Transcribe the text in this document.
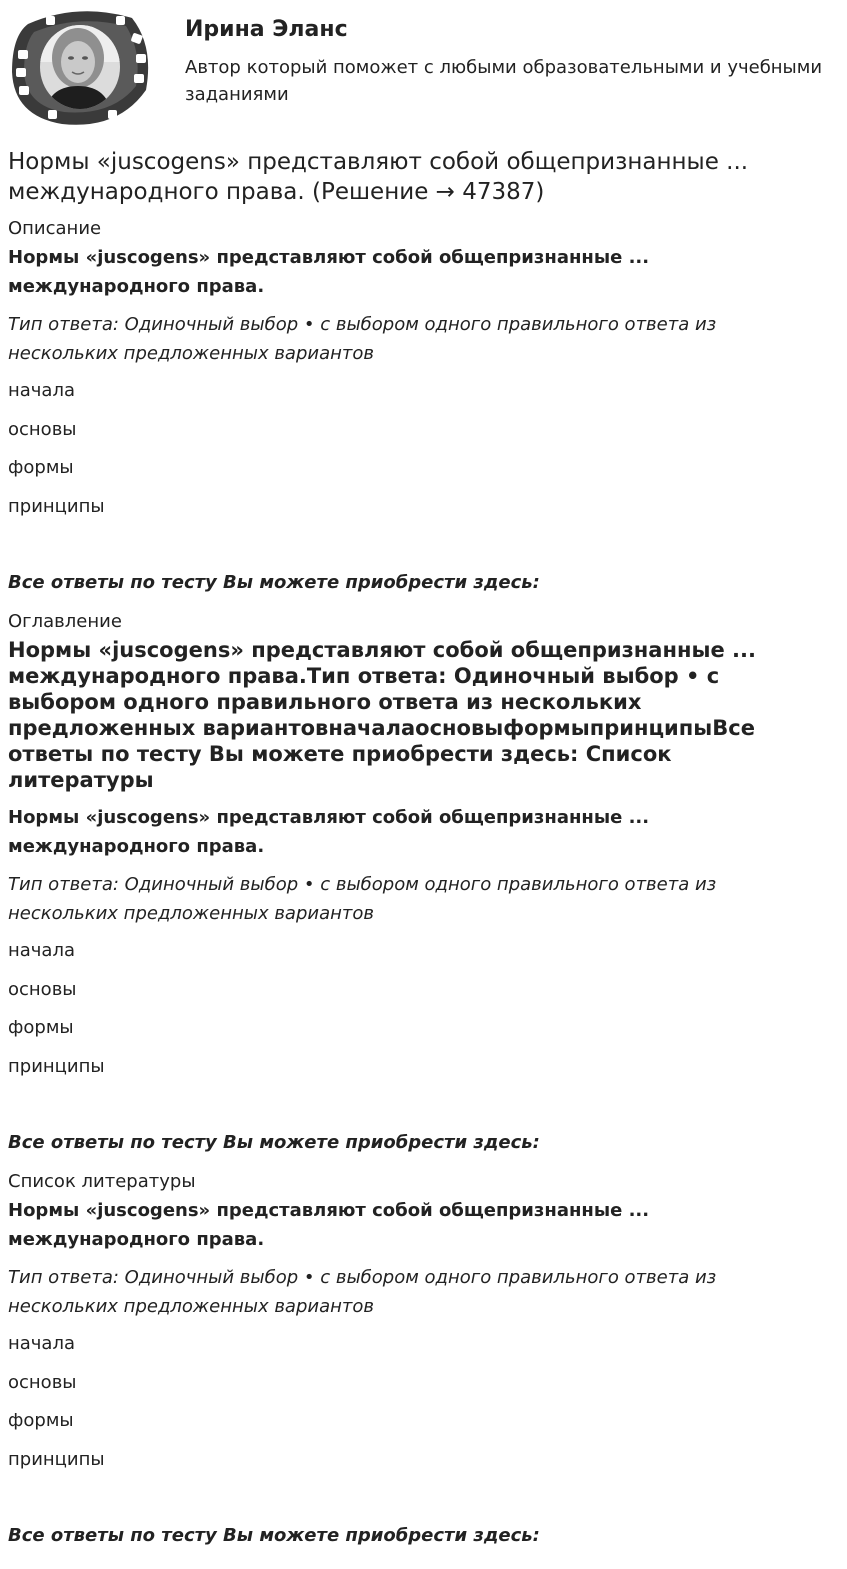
Ирина Эланс

Автор который поможет с любыми образовательными и учебными заданиями

Нормы «juscogens» представляют собой общепризнанные ... международного права. (Решение → 47387)

Описание

Нормы «juscogens» представляют собой общепризнанные ... международного права.

Тип ответа: Одиночный выбор • с выбором одного правильного ответа из нескольких предложенных вариантов

начала

основы

формы

принципы

Все ответы по тесту Вы можете приобрести здесь:

Оглавление

Нормы «juscogens» представляют собой общепризнанные ... международного права.Тип ответа: Одиночный выбор • с выбором одного правильного ответа из нескольких предложенных вариантовначалаосновыформыпринципыВсе ответы по тесту Вы можете приобрести здесь: Список литературы

Нормы «juscogens» представляют собой общепризнанные ... международного права.

Тип ответа: Одиночный выбор • с выбором одного правильного ответа из нескольких предложенных вариантов

начала

основы

формы

принципы

Все ответы по тесту Вы можете приобрести здесь:

Список литературы

Нормы «juscogens» представляют собой общепризнанные ... международного права.

Тип ответа: Одиночный выбор • с выбором одного правильного ответа из нескольких предложенных вариантов

начала

основы

формы

принципы

Все ответы по тесту Вы можете приобрести здесь:
